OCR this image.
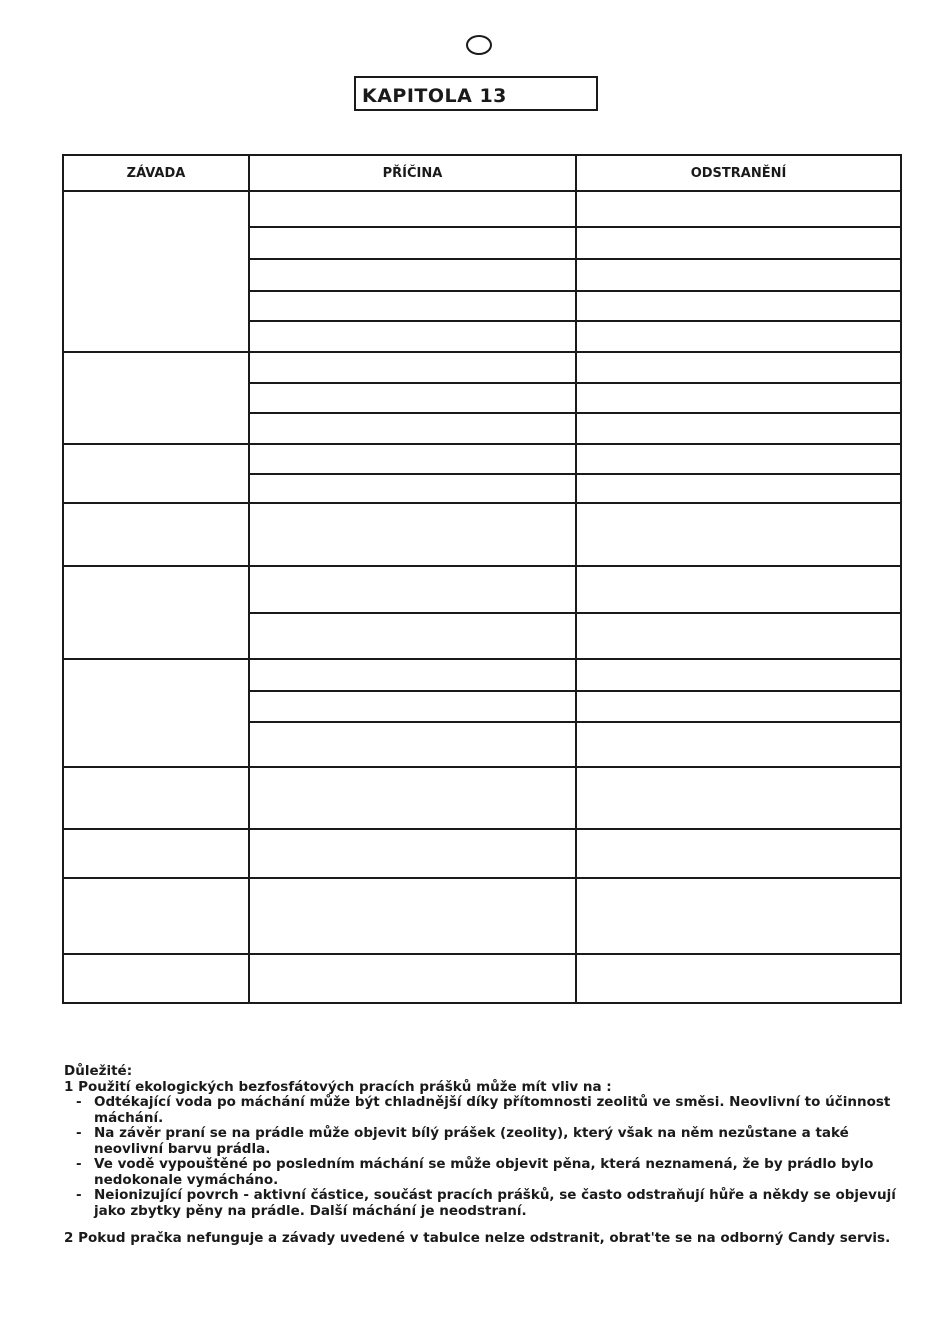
KAPITOLA 13
ZÁVADA	PŘÍČINA	ODSTRANĚNÍ

Důležité:

1 Použití ekologických bezfosfátových pracích prášků může mít vliv na :

- Odtékající voda po máchání může být chladnější díky přítomnosti zeolitů ve směsi. Neovlivní to účinnost máchání.
- Na závěr praní se na prádle může objevit bílý prášek (zeolity), který však na něm nezůstane a také neovlivní barvu prádla.
- Ve vodě vypouštěné po posledním máchání se může objevit pěna, která neznamená, že by prádlo bylo nedokonale vymácháno.
- Neionizující povrch - aktivní částice, součást pracích prášků, se často odstraňují hůře a někdy se objevují jako zbytky pěny na prádle. Další máchání je neodstraní.

2 Pokud pračka nefunguje a závady uvedené v tabulce nelze odstranit, obrat'te se na odborný Candy servis.
